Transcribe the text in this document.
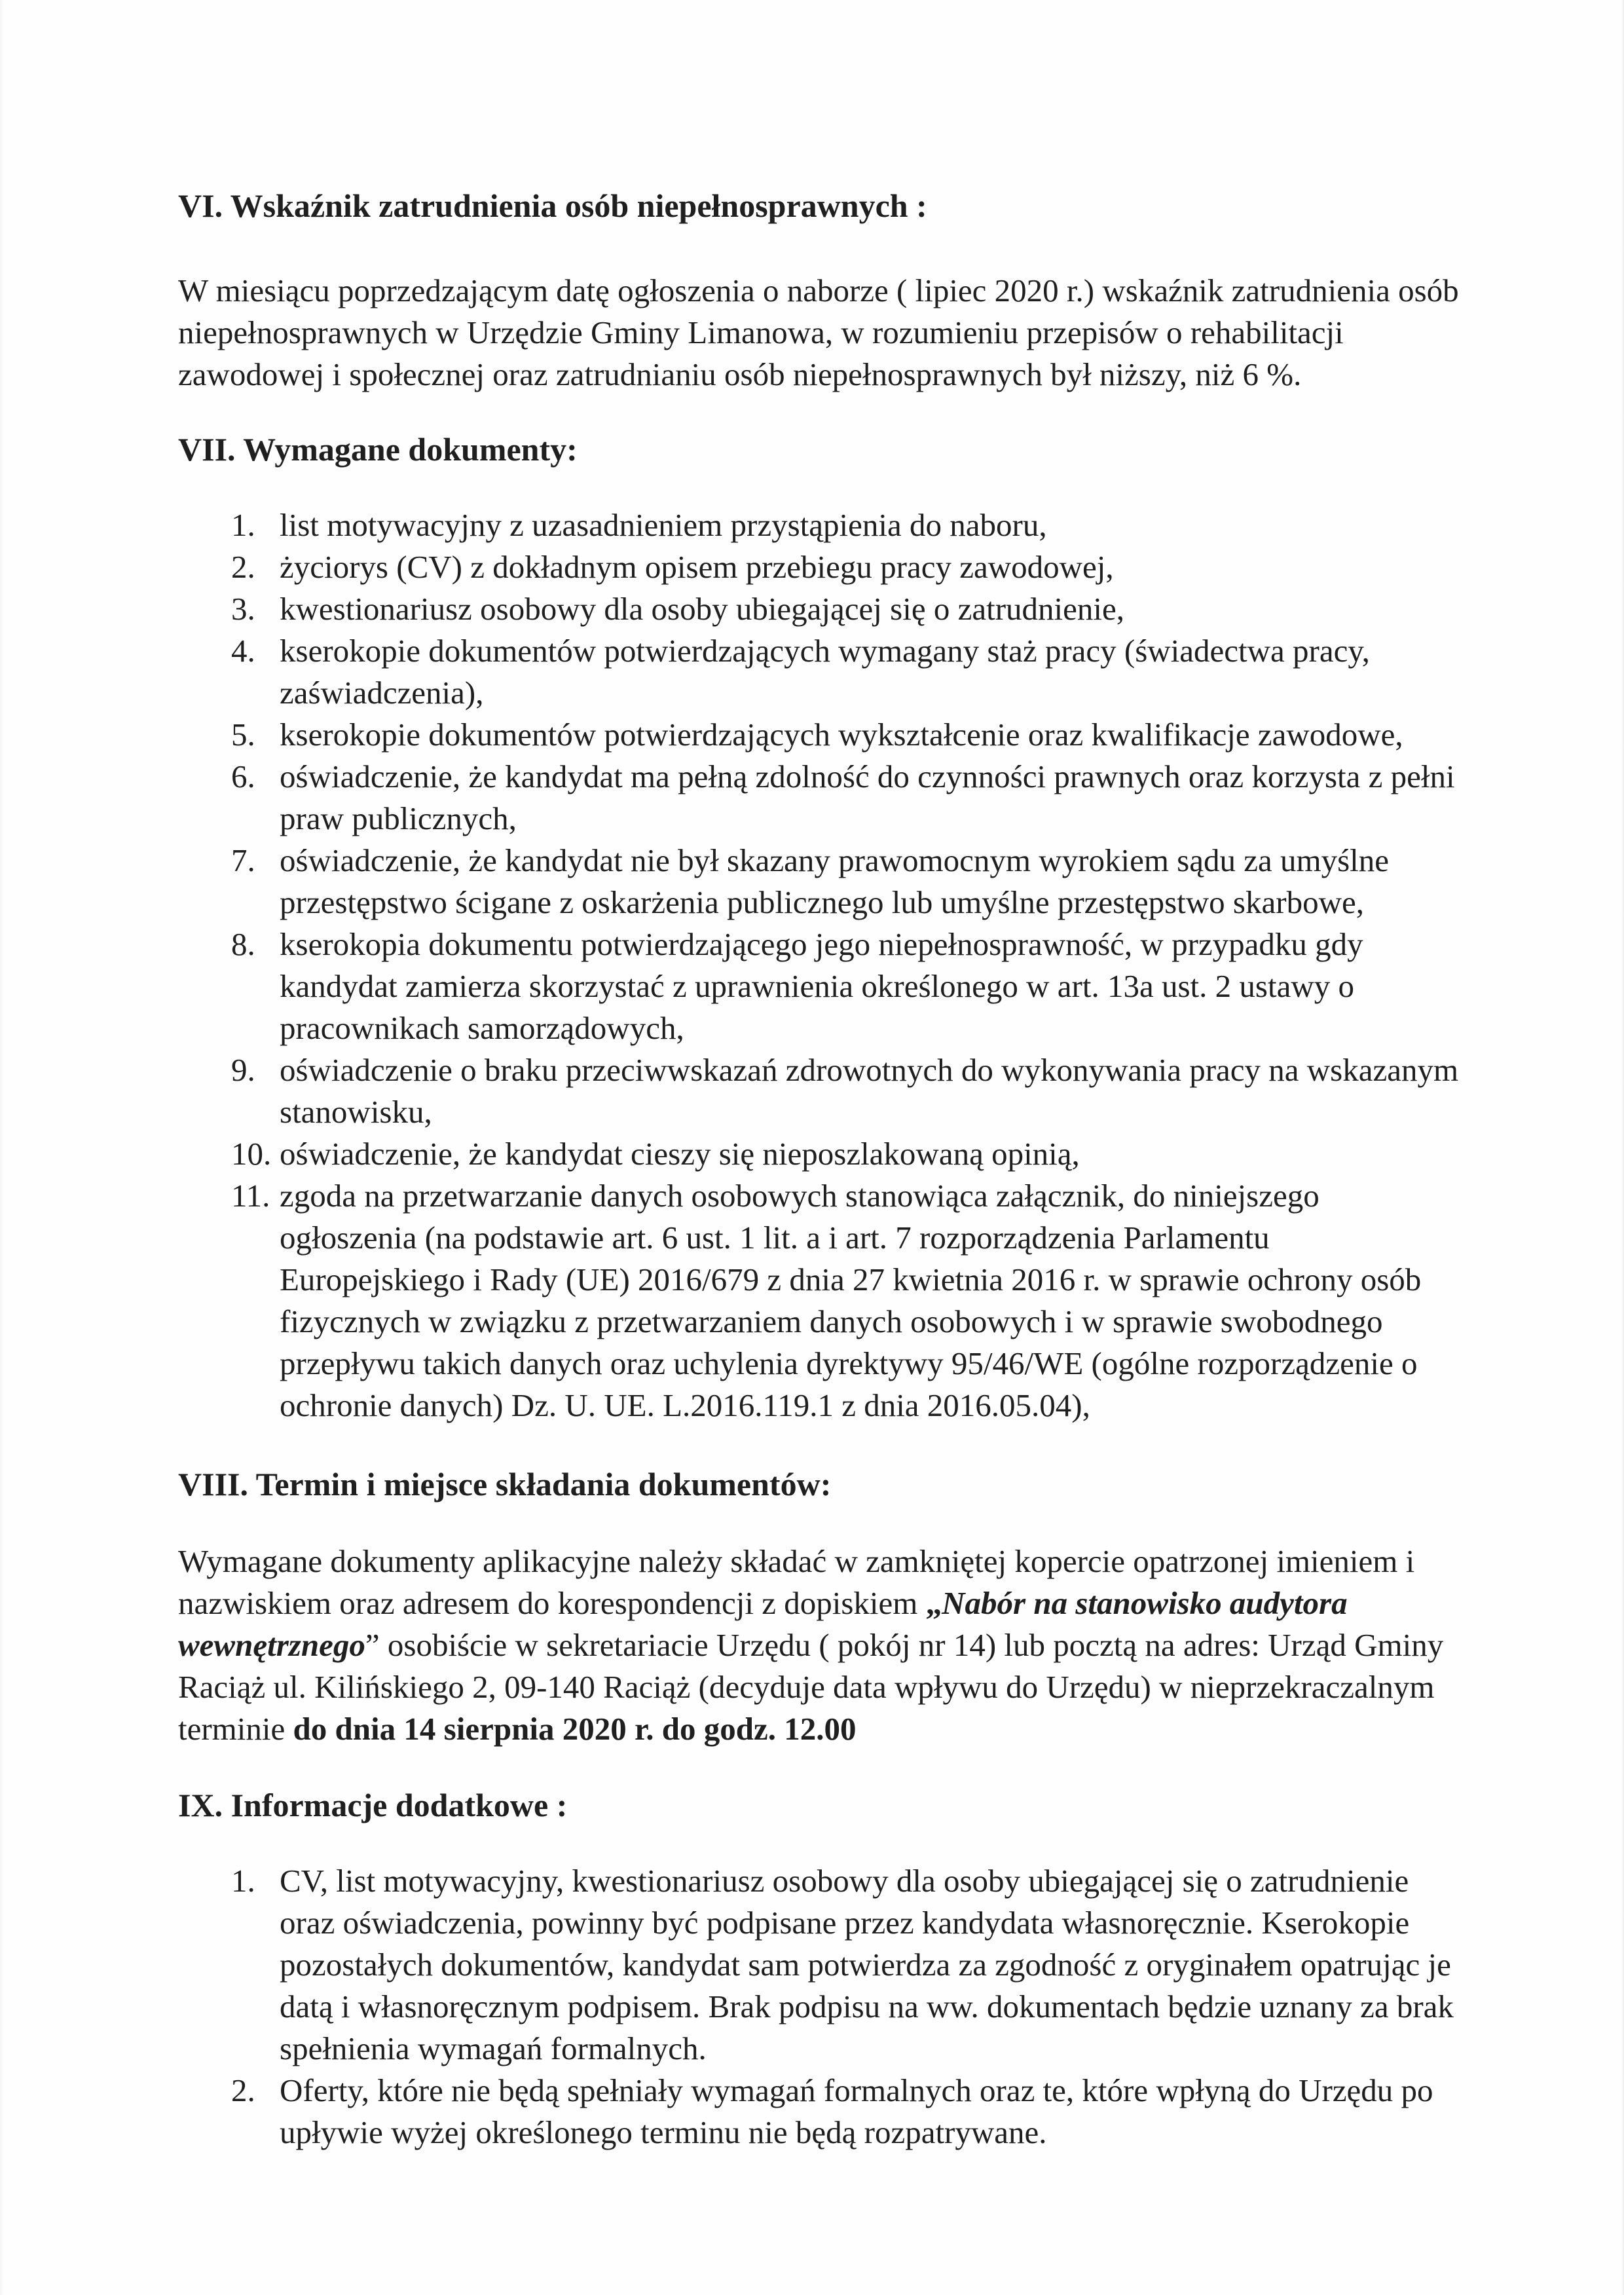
VI. Wskaźnik zatrudnienia osób niepełnosprawnych :

W miesiącu poprzedzającym datę ogłoszenia o naborze ( lipiec 2020 r.) wskaźnik zatrudnienia osób niepełnosprawnych w Urzędzie Gminy Limanowa, w rozumieniu przepisów o rehabilitacji zawodowej i społecznej oraz zatrudnianiu osób niepełnosprawnych był niższy, niż 6 %.

VII. Wymagane dokumenty:
1. list motywacyjny z uzasadnieniem przystąpienia do naboru,
2. życiorys (CV) z dokładnym opisem przebiegu pracy zawodowej,
3. kwestionariusz osobowy dla osoby ubiegającej się o zatrudnienie,
4. kserokopie dokumentów potwierdzających wymagany staż pracy (świadectwa pracy, zaświadczenia),
5. kserokopie dokumentów potwierdzających wykształcenie oraz kwalifikacje zawodowe,
6. oświadczenie, że kandydat ma pełną zdolność do czynności prawnych oraz korzysta z pełni praw publicznych,
7. oświadczenie, że kandydat nie był skazany prawomocnym wyrokiem sądu za umyślne przestępstwo ścigane z oskarżenia publicznego lub umyślne przestępstwo skarbowe,
8. kserokopia dokumentu potwierdzającego jego niepełnosprawność, w przypadku gdy kandydat zamierza skorzystać z uprawnienia określonego w art. 13a ust. 2 ustawy o pracownikach samorządowych,
9. oświadczenie o braku przeciwwskazań zdrowotnych do wykonywania pracy na wskazanym stanowisku,
10. oświadczenie, że kandydat cieszy się nieposzlakowaną opinią,
11. zgoda na przetwarzanie danych osobowych stanowiąca załącznik, do niniejszego ogłoszenia (na podstawie art. 6 ust. 1 lit. a i art. 7 rozporządzenia Parlamentu Europejskiego i Rady (UE) 2016/679 z dnia 27 kwietnia 2016 r. w sprawie ochrony osób fizycznych w związku z przetwarzaniem danych osobowych i w sprawie swobodnego przepływu takich danych oraz uchylenia dyrektywy 95/46/WE (ogólne rozporządzenie o ochronie danych) Dz. U. UE. L.2016.119.1 z dnia 2016.05.04),
VIII. Termin i miejsce składania dokumentów:

Wymagane dokumenty aplikacyjne należy składać w zamkniętej kopercie opatrzonej imieniem i nazwiskiem oraz adresem do korespondencji z dopiskiem „Nabór na stanowisko audytora wewnętrznego” osobiście w sekretariacie Urzędu ( pokój nr 14) lub pocztą na adres: Urząd Gminy Raciąż ul. Kilińskiego 2, 09-140 Raciąż (decyduje data wpływu do Urzędu) w nieprzekraczalnym terminie do dnia 14 sierpnia 2020 r. do godz. 12.00

IX. Informacje dodatkowe :
1. CV, list motywacyjny, kwestionariusz osobowy dla osoby ubiegającej się o zatrudnienie oraz oświadczenia, powinny być podpisane przez kandydata własnoręcznie. Kserokopie pozostałych dokumentów, kandydat sam potwierdza za zgodność z oryginałem opatrując je datą i własnoręcznym podpisem. Brak podpisu na ww. dokumentach będzie uznany za brak spełnienia wymagań formalnych.
2. Oferty, które nie będą spełniały wymagań formalnych oraz te, które wpłyną do Urzędu po upływie wyżej określonego terminu nie będą rozpatrywane.
